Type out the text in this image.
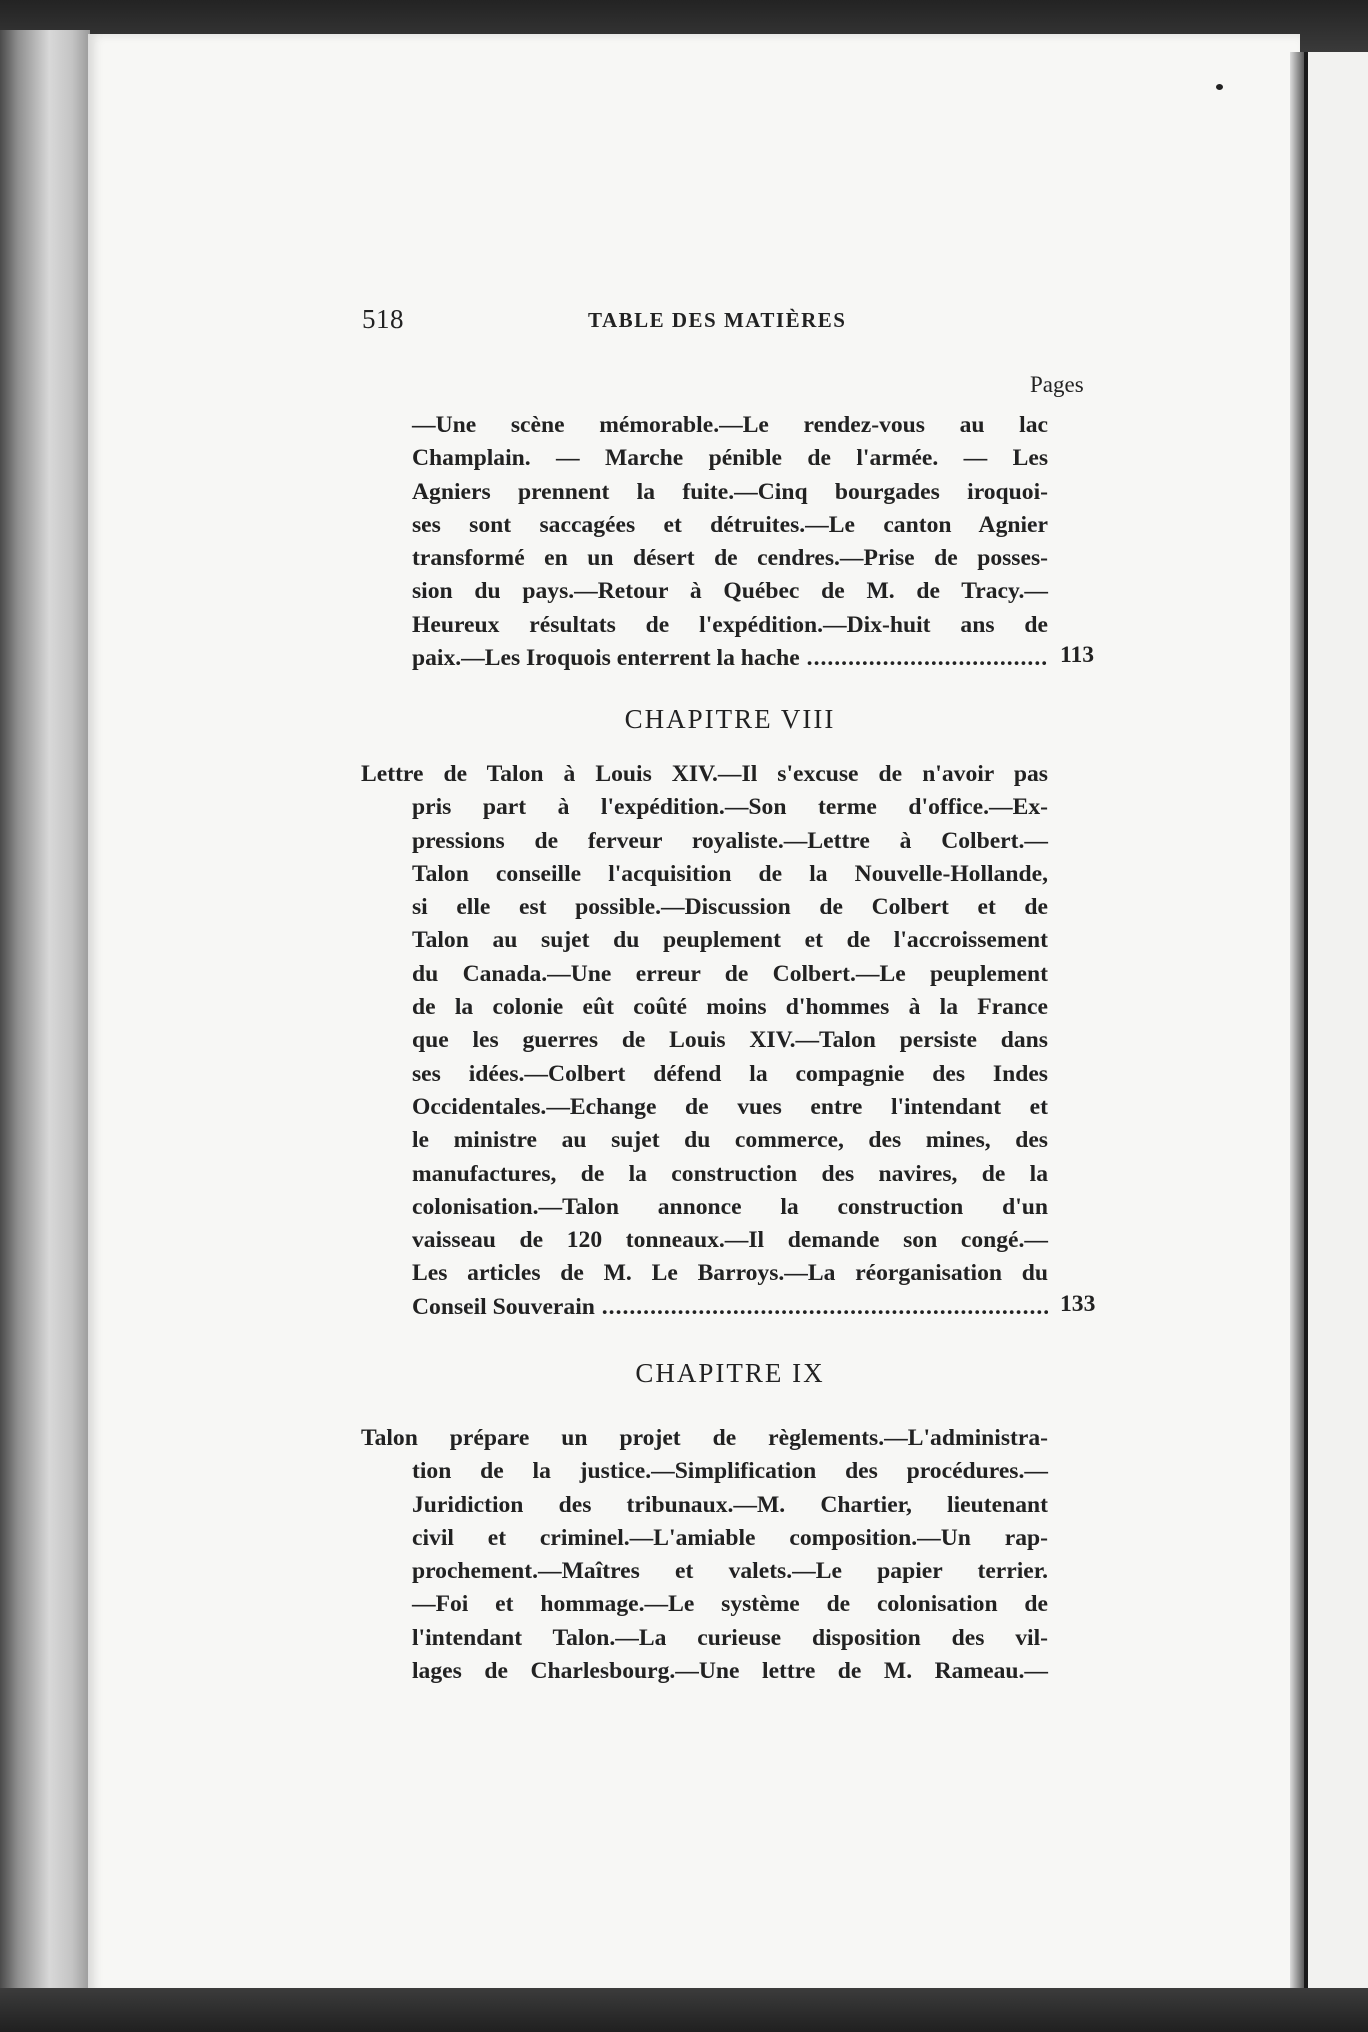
518	TABLE DES MATIÈRES
Pages
—Une scène mémorable.—Le rendez-vous au lac
Champlain. — Marche pénible de l'armée. — Les
Agniers prennent la fuite.—Cinq bourgades iroquoi-
ses sont saccagées et détruites.—Le canton Agnier
transformé en un désert de cendres.—Prise de posses-
sion du pays.—Retour à Québec de M. de Tracy.—
Heureux résultats de l'expédition.—Dix-huit ans de
paix.—Les Iroquois enterrent la hache .....	113
CHAPITRE VIII
Lettre de Talon à Louis XIV.—Il s'excuse de n'avoir pas
pris part à l'expédition.—Son terme d'office.—Ex-
pressions de ferveur royaliste.—Lettre à Colbert.—
Talon conseille l'acquisition de la Nouvelle-Hollande,
si elle est possible.—Discussion de Colbert et de
Talon au sujet du peuplement et de l'accroissement
du Canada.—Une erreur de Colbert.—Le peuplement
de la colonie eût coûté moins d'hommes à la France
que les guerres de Louis XIV.—Talon persiste dans
ses idées.—Colbert défend la compagnie des Indes
Occidentales.—Echange de vues entre l'intendant et
le ministre au sujet du commerce, des mines, des
manufactures, de la construction des navires, de la
colonisation.—Talon annonce la construction d'un
vaisseau de 120 tonneaux.—Il demande son congé.—
Les articles de M. Le Barroys.—La réorganisation du
Conseil Souverain .....	133
CHAPITRE IX
Talon prépare un projet de règlements.—L'administra-
tion de la justice.—Simplification des procédures.—
Juridiction des tribunaux.—M. Chartier, lieutenant
civil et criminel.—L'amiable composition.—Un rap-
prochement.—Maîtres et valets.—Le papier terrier.
—Foi et hommage.—Le système de colonisation de
l'intendant Talon.—La curieuse disposition des vil-
lages de Charlesbourg.—Une lettre de M. Rameau.—
